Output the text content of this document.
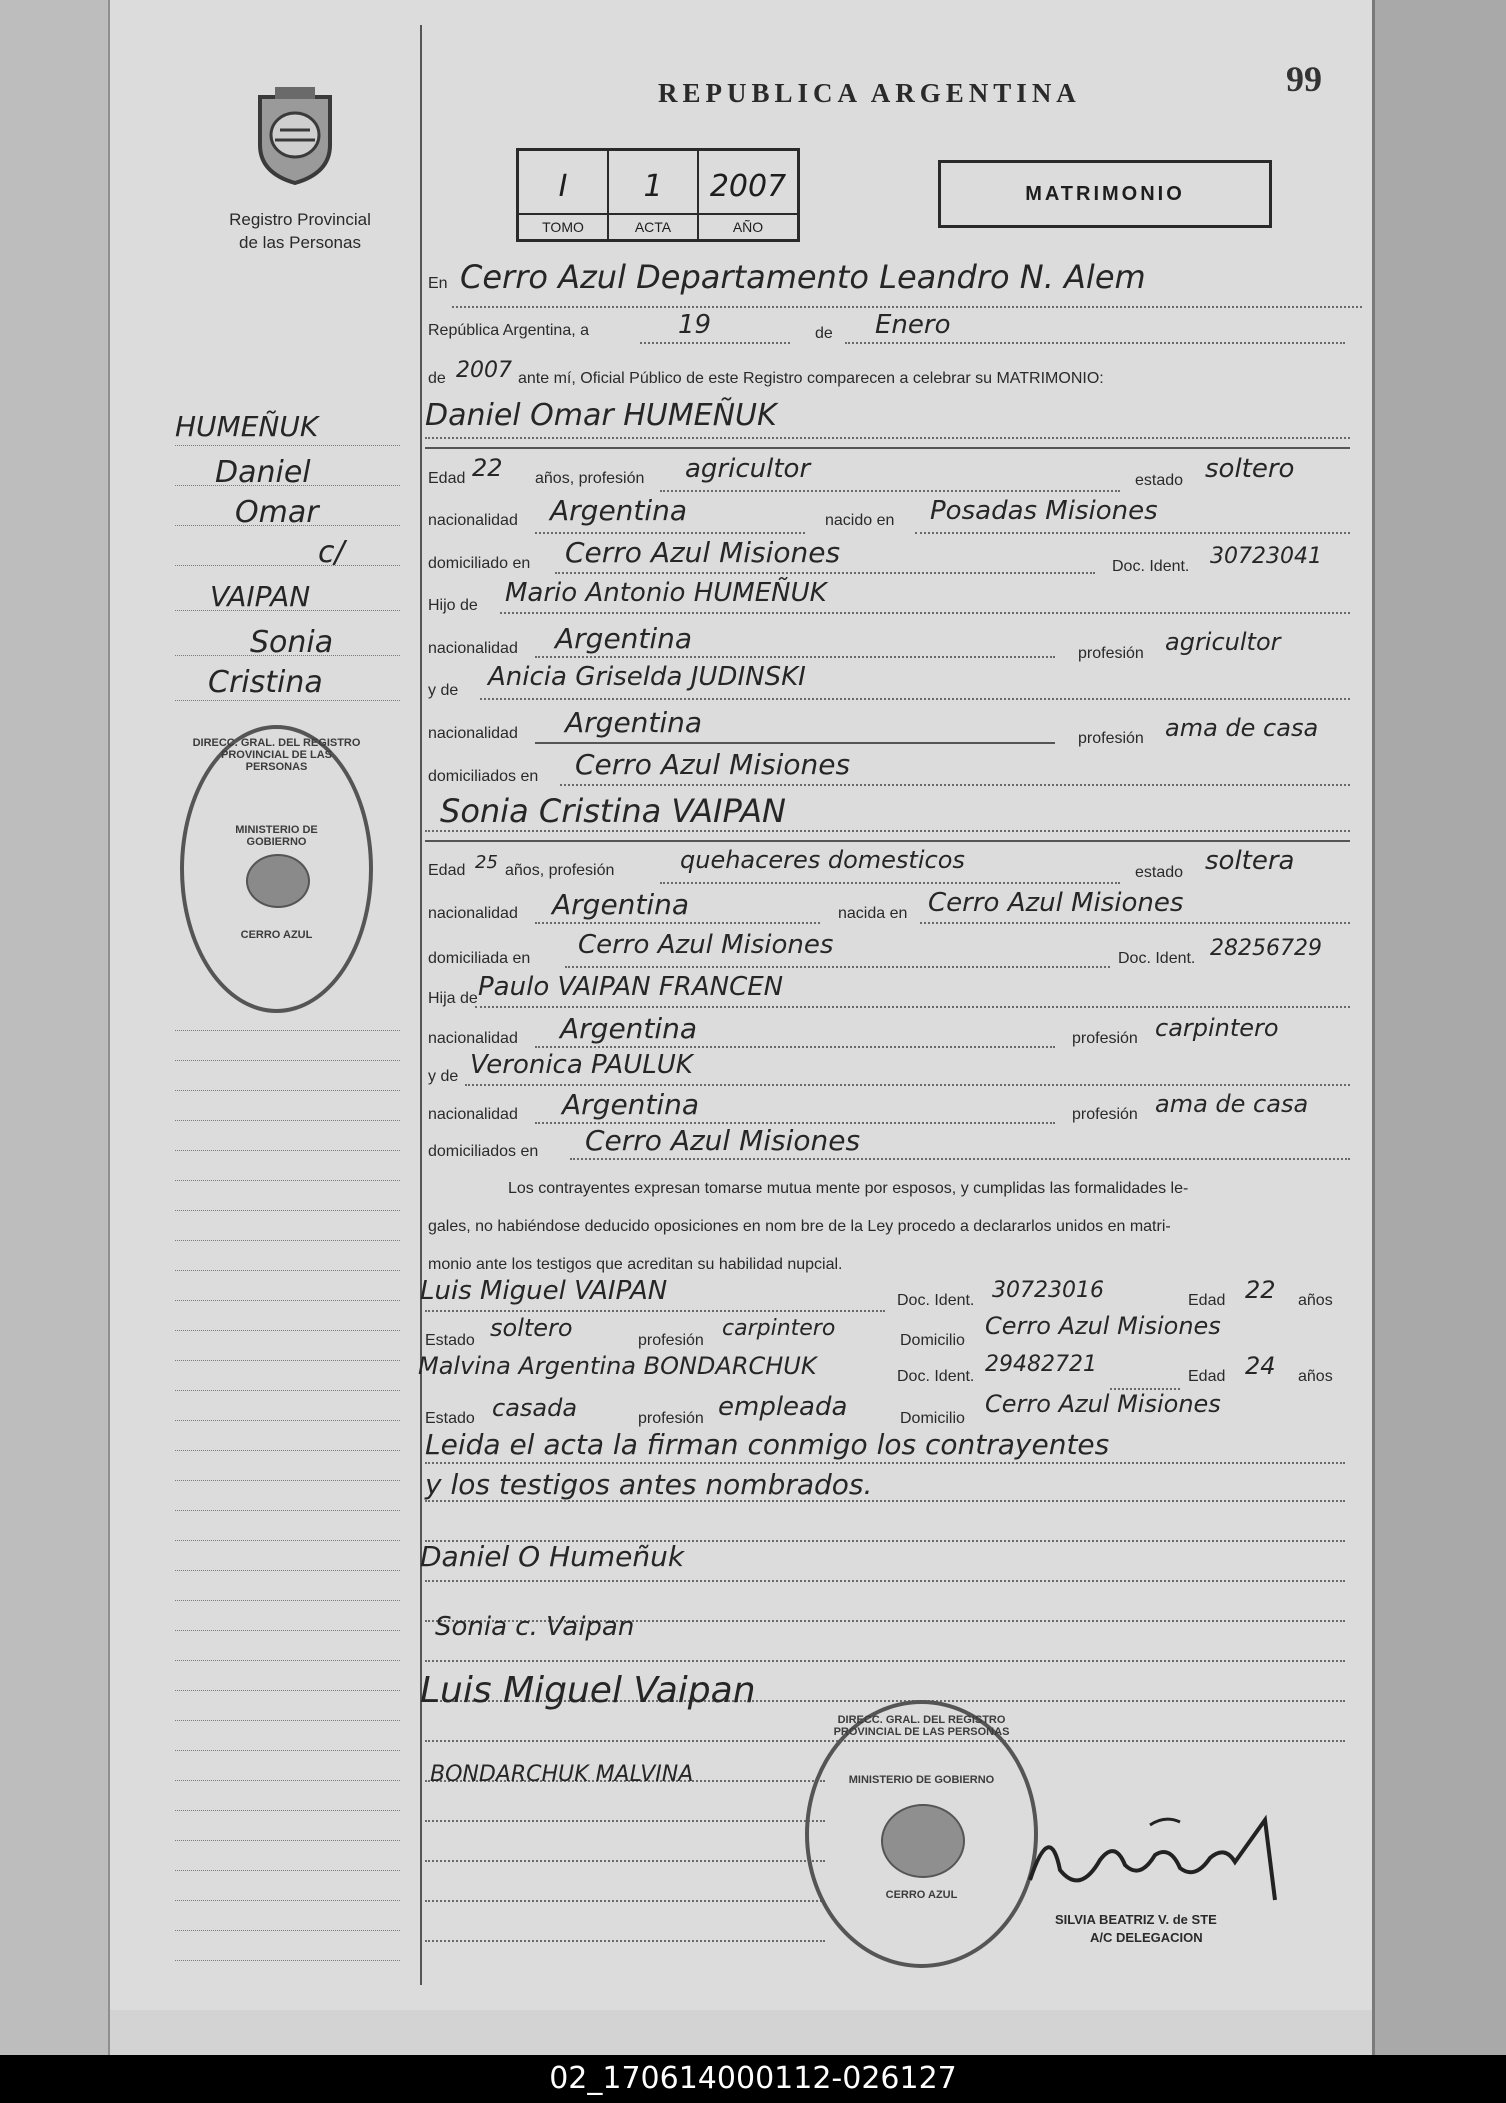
Registro Provincial
de las Personas
REPUBLICA ARGENTINA	99
I
TOMO
1
ACTA
2007
AÑO
MATRIMONIO
HUMEÑUK
Daniel
Omar
c/
VAIPAN
Sonia
Cristina
DIRECC. GRAL. DEL REGISTRO PROVINCIAL DE LAS PERSONAS
MINISTERIO DE GOBIERNO
CERRO AZUL
En Cerro Azul Departamento Leandro N. Alem
República Argentina, a	19	de Enero
de 2007 ante mí, Oficial Público de este Registro comparecen a celebrar su MATRIMONIO:
Daniel Omar HUMEÑUK
Edad 22 años, profesión agricultor	estado soltero
nacionalidad Argentina	nacido en Posadas Misiones
domiciliado en Cerro Azul Misiones	Doc. Ident. 30723041
Hijo de Mario Antonio HUMEÑUK
nacionalidad Argentina	profesión agricultor
y de Anicia Griselda JUDINSKI
nacionalidad Argentina	profesión ama de casa
domiciliados en Cerro Azul Misiones
Sonia Cristina VAIPAN
Edad 25 años, profesión	quehaceres domesticos	estado soltera
nacionalidad Argentina	nacida en Cerro Azul Misiones
domiciliada en Cerro Azul Misiones	Doc. Ident. 28256729
Hija de Paulo VAIPAN FRANCEN
nacionalidad Argentina	profesión carpintero
y de Veronica PAULUK
nacionalidad Argentina	profesión ama de casa
domiciliados en Cerro Azul Misiones
Los contrayentes expresan tomarse mutua mente por esposos, y cumplidas las formalidades le-
gales, no habiéndose deducido oposiciones en nom bre de la Ley procedo a declararlos unidos en matri-
monio ante los testigos que acreditan su habilidad nupcial.
Luis Miguel VAIPAN	Doc. Ident. 30723016	Edad 22 años
Estado soltero	profesión carpintero	Domicilio
Cerro Azul Misiones
Malvina Argentina BONDARCHUK	Doc. Ident. 29482721	Edad 24 años
Estado casada	profesión empleada	Domicilio
Cerro Azul Misiones
Leida el acta la firman conmigo los contrayentes
y los testigos antes nombrados.
Daniel O Humeñuk
Sonia c. Vaipan
Luis Miguel Vaipan
BONDARCHUK MALVINA
DIRECC. GRAL. DEL REGISTRO PROVINCIAL DE LAS PERSONAS
MINISTERIO DE GOBIERNO
CERRO AZUL
SILVIA BEATRIZ V. de STE
A/C DELEGACION
02_170614000112-026127
